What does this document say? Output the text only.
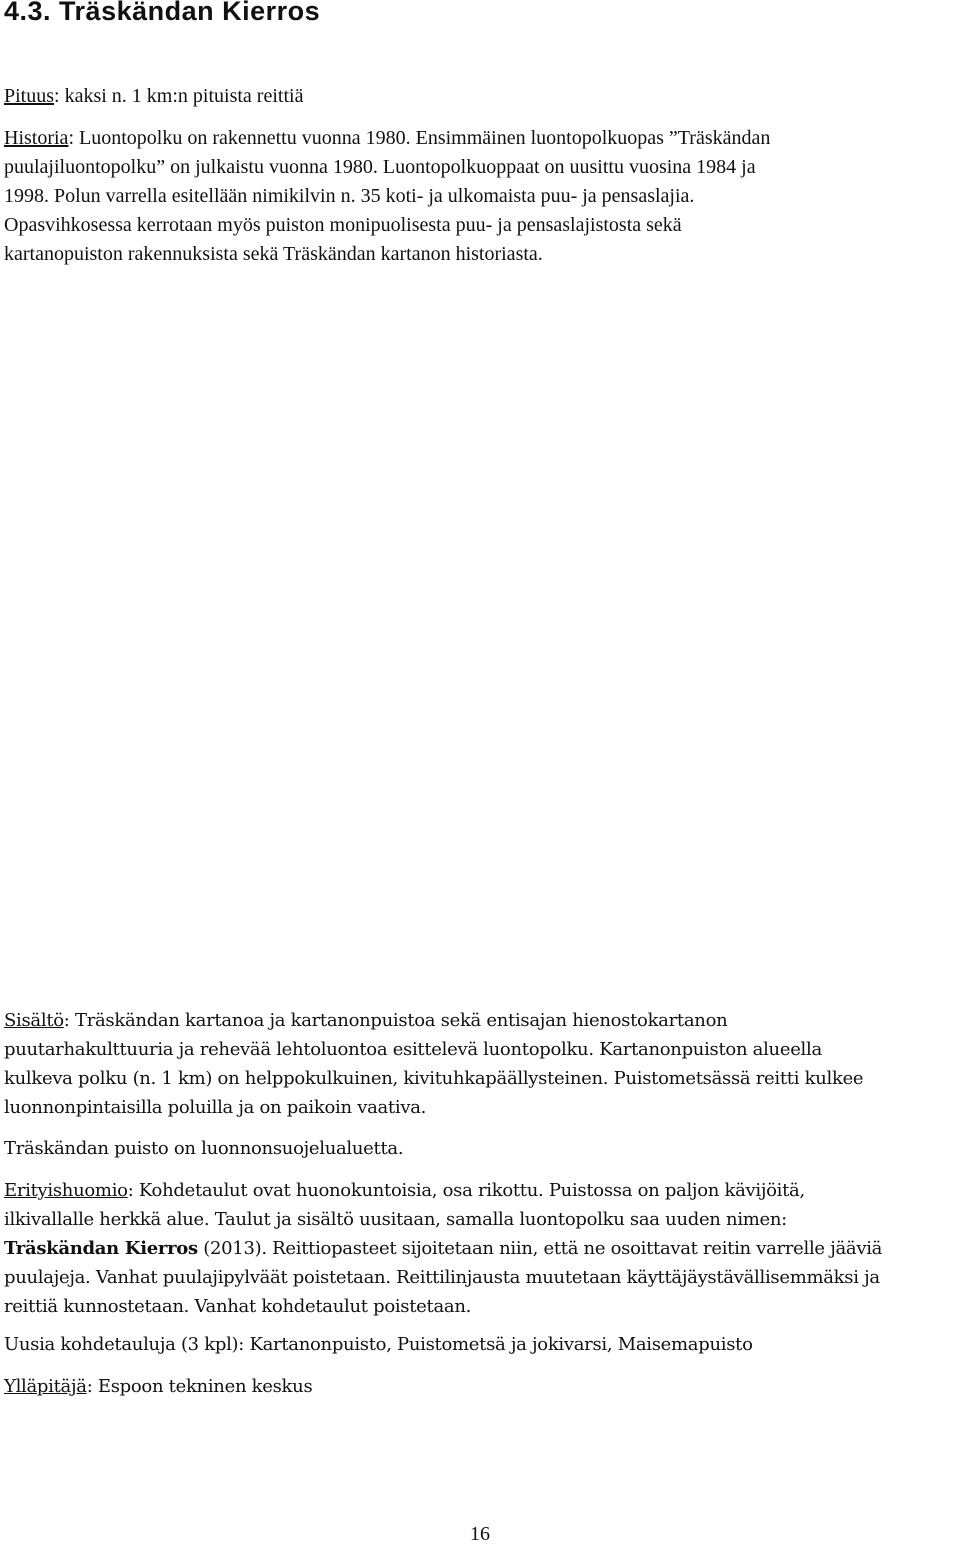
4.3. Träskändan Kierros

Pituus: kaksi n. 1 km:n pituista reittiä

Historia: Luontopolku on rakennettu vuonna 1980. Ensimmäinen luontopolkuopas ”Träskändan
puulajiluontopolku” on julkaistu vuonna 1980. Luontopolkuoppaat on uusittu vuosina 1984 ja
1998. Polun varrella esitellään nimikilvin n. 35 koti- ja ulkomaista puu- ja pensaslajia.
Opasvihkosessa kerrotaan myös puiston monipuolisesta puu- ja pensaslajistosta sekä
kartanopuiston rakennuksista sekä Träskändan kartanon historiasta.

Sisältö: Träskändan kartanoa ja kartanonpuistoa sekä entisajan hienostokartanon
puutarhakulttuuria ja rehevää lehtoluontoa esittelevä luontopolku. Kartanonpuiston alueella
kulkeva polku (n. 1 km) on helppokulkuinen, kivituhkapäällysteinen. Puistometsässä reitti kulkee
luonnonpintaisilla poluilla ja on paikoin vaativa.

Träskändan puisto on luonnonsuojelualuetta.

Erityishuomio: Kohdetaulut ovat huonokuntoisia, osa rikottu. Puistossa on paljon kävijöitä,
ilkivallalle herkkä alue. Taulut ja sisältö uusitaan, samalla luontopolku saa uuden nimen:
Träskändan Kierros (2013). Reittiopasteet sijoitetaan niin, että ne osoittavat reitin varrelle jääviä
puulajeja. Vanhat puulajipylväät poistetaan. Reittilinjausta muutetaan käyttäjäystävällisemmäksi ja
reittiä kunnostetaan. Vanhat kohdetaulut poistetaan.

Uusia kohdetauluja (3 kpl): Kartanonpuisto, Puistometsä ja jokivarsi, Maisemapuisto

Ylläpitäjä: Espoon tekninen keskus

16
